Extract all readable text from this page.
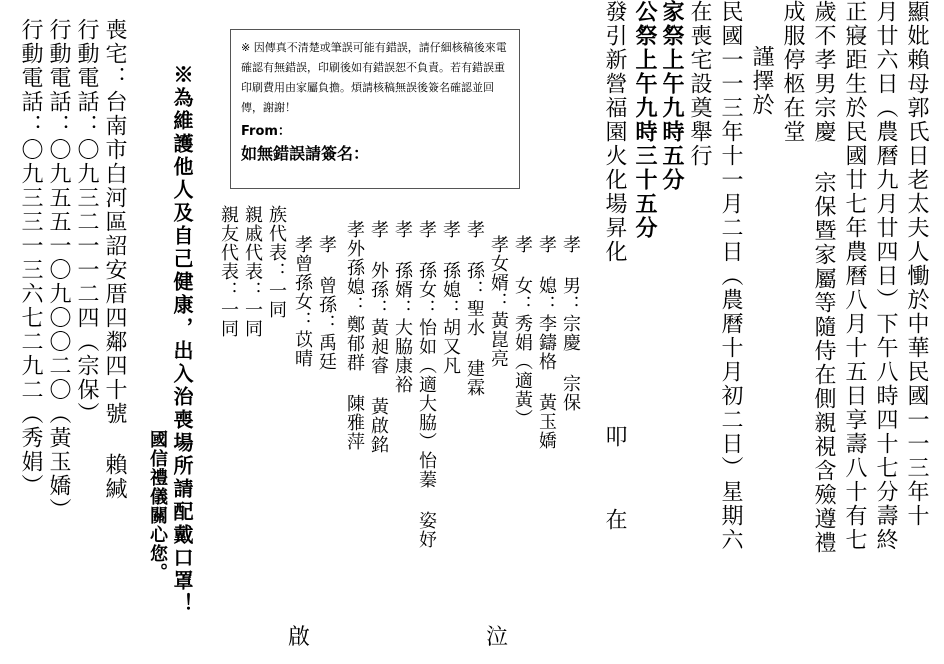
顯妣賴母郭氏日老太夫人慟於中華民國一一三年十
月廿六日（農曆九月廿四日）下午八時四十七分壽終
正寢距生於民國廿七年農曆八月十五日享壽八十有七
歲不孝男宗慶 宗保暨家屬等隨侍在側親視含殮遵禮
成服停柩在堂
謹擇於
民國一一三年十一月二日（農曆十月初二日）星期六
在喪宅設奠舉行
家祭上午九時五分
公祭上午九時三十五分
發引新營福園火化場昇化
叩
在
孝 男：宗慶 宗保
孝 媳：李鑄格 黃玉嬌
孝 女：秀娟（適黃）
孝女婿：黃崑亮
孝 孫：聖水 建霖
孝 孫媳：胡又凡
孝 孫女：怡如（適大脇）怡蓁 姿妤
孝 孫婿：大脇康裕
孝 外孫：黃昶睿 黃啟銘
孝外孫媳：鄭郁群 陳雅萍
孝 曾孫：禹廷
孝曾孫女：苡晴
族代表：一同
親戚代表：一同
親友代表：一同
※ 因傳真不清楚或筆誤可能有錯誤，請仔細核稿後來電確認有無錯誤，印刷後如有錯誤恕不負責。若有錯誤重印刷費用由家屬負擔。煩請核稿無誤後簽名確認並回傳，謝謝！
From：
如無錯誤請簽名：
※為維護他人及自己健康，出入治喪場所請配戴口罩！
國信禮儀關心您。
喪宅：台南市白河區詔安厝四鄰四十號 賴緘
行動電話：〇九三二一一二四（宗保）
行動電話：〇九五五一〇九〇〇二〇（黃玉嬌）
行動電話：〇九三三一三六七二九二（秀娟）
啟	泣
